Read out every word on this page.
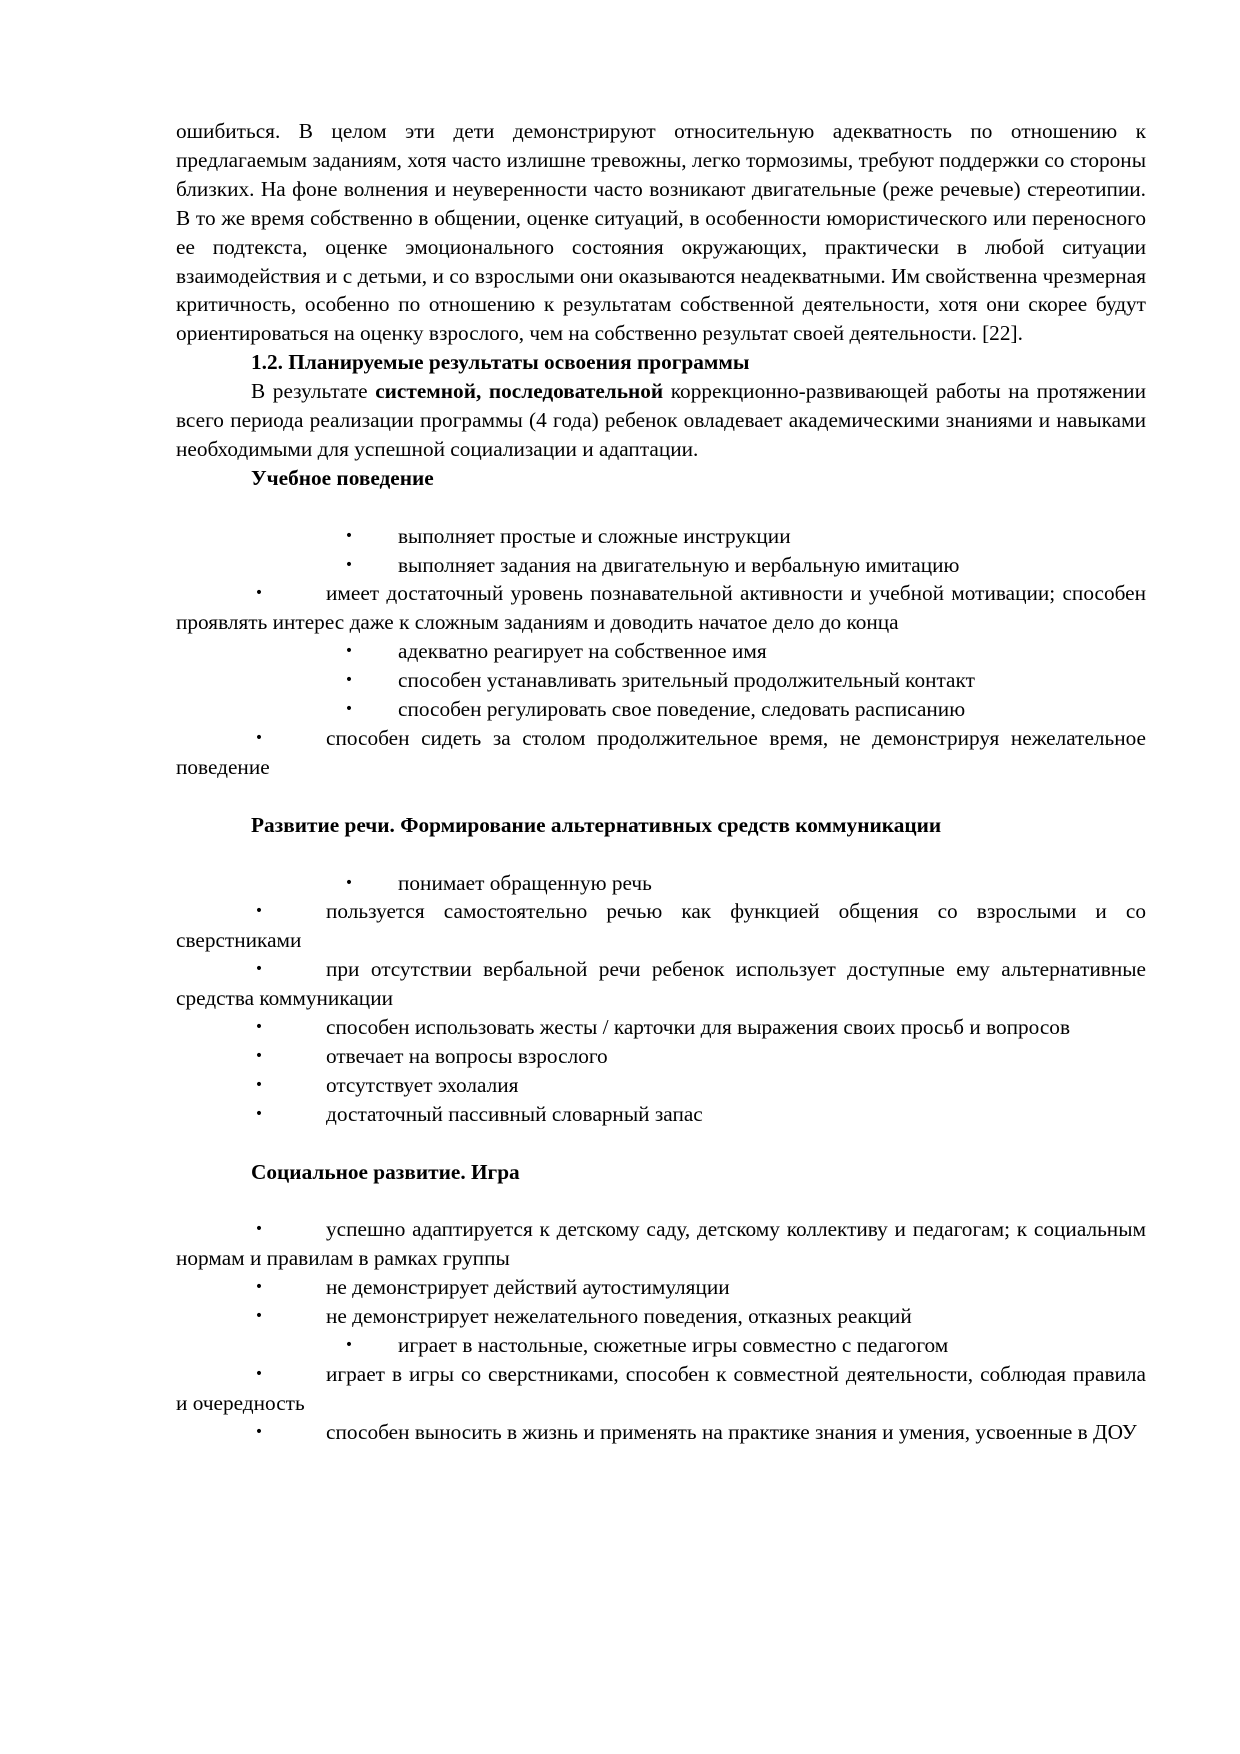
ошибиться. В целом эти дети демонстрируют относительную адекватность по отношению к предлагаемым заданиям, хотя часто излишне тревожны, легко тормозимы, требуют поддержки со стороны близких. На фоне волнения и неуверенности часто возникают двигательные (реже речевые) стереотипии. В то же время собственно в общении, оценке ситуаций, в особенности юмористического или переносного ее подтекста, оценке эмоционального состояния окружающих, практически в любой ситуации взаимодействия и с детьми, и со взрослыми они оказываются неадекватными. Им свойственна чрезмерная критичность, особенно по отношению к результатам собственной деятельности, хотя они скорее будут ориентироваться на оценку взрослого, чем на собственно результат своей деятельности. [22].

1.2. Планируемые результаты освоения программы

В результате системной, последовательной коррекционно-развивающей работы на протяжении всего периода реализации программы (4 года) ребенок овладевает академическими знаниями и навыками необходимыми для успешной социализации и адаптации.

Учебное поведение

•	выполняет простые и сложные инструкции
•	выполняет задания на двигательную и вербальную имитацию
•	имеет достаточный уровень познавательной активности и учебной мотивации; способен проявлять интерес даже к сложным заданиям и доводить начатое дело до конца
•	адекватно реагирует на собственное имя
•	способен устанавливать зрительный продолжительный контакт
•	способен регулировать свое поведение, следовать расписанию
•	способен сидеть за столом продолжительное время, не демонстрируя нежелательное поведение

Развитие речи. Формирование альтернативных средств коммуникации

•	понимает обращенную речь
•	пользуется самостоятельно речью как функцией общения со взрослыми и со сверстниками
•	при отсутствии вербальной речи ребенок использует доступные ему альтернативные средства коммуникации
•	способен использовать жесты / карточки для выражения своих просьб и вопросов
•	отвечает на вопросы взрослого
•	отсутствует эхолалия
•	достаточный пассивный словарный запас

Социальное развитие. Игра

•	успешно адаптируется к детскому саду, детскому коллективу и педагогам; к социальным нормам и правилам в рамках группы
•	не демонстрирует действий аутостимуляции
•	не демонстрирует нежелательного поведения, отказных реакций
•	играет в настольные, сюжетные игры совместно с педагогом
•	играет в игры со сверстниками, способен к совместной деятельности, соблюдая правила и очередность
•	способен выносить в жизнь и применять на практике знания и умения, усвоенные в ДОУ
